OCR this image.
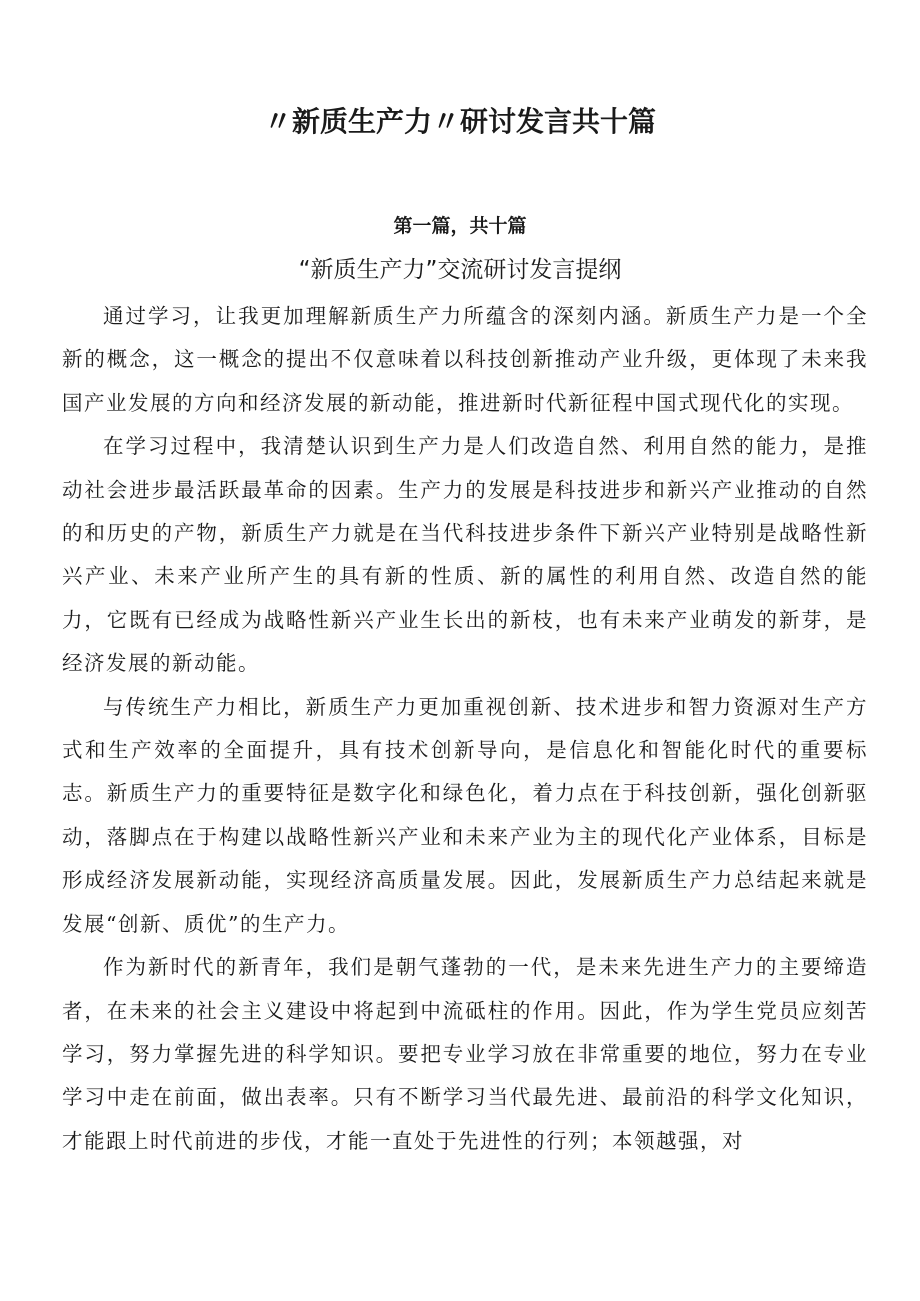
〃新质生产力〃研讨发言共十篇
第一篇，共十篇
“新质生产力”交流研讨发言提纲

通过学习，让我更加理解新质生产力所蕴含的深刻内涵。新质生产力是一个全新的概念，这一概念的提出不仅意味着以科技创新推动产业升级，更体现了未来我国产业发展的方向和经济发展的新动能，推进新时代新征程中国式现代化的实现。

在学习过程中，我清楚认识到生产力是人们改造自然、利用自然的能力，是推动社会进步最活跃最革命的因素。生产力的发展是科技进步和新兴产业推动的自然的和历史的产物，新质生产力就是在当代科技进步条件下新兴产业特别是战略性新兴产业、未来产业所产生的具有新的性质、新的属性的利用自然、改造自然的能力，它既有已经成为战略性新兴产业生长出的新枝，也有未来产业萌发的新芽，是经济发展的新动能。

与传统生产力相比，新质生产力更加重视创新、技术进步和智力资源对生产方式和生产效率的全面提升，具有技术创新导向，是信息化和智能化时代的重要标志。新质生产力的重要特征是数字化和绿色化，着力点在于科技创新，强化创新驱动，落脚点在于构建以战略性新兴产业和未来产业为主的现代化产业体系，目标是形成经济发展新动能，实现经济高质量发展。因此，发展新质生产力总结起来就是发展“创新、质优”的生产力。

作为新时代的新青年，我们是朝气蓬勃的一代，是未来先进生产力的主要缔造者，在未来的社会主义建设中将起到中流砥柱的作用。因此，作为学生党员应刻苦学习，努力掌握先进的科学知识。要把专业学习放在非常重要的地位，努力在专业学习中走在前面，做出表率。只有不断学习当代最先进、最前沿的科学文化知识，才能跟上时代前进的步伐，才能一直处于先进性的行列；本领越强，对
